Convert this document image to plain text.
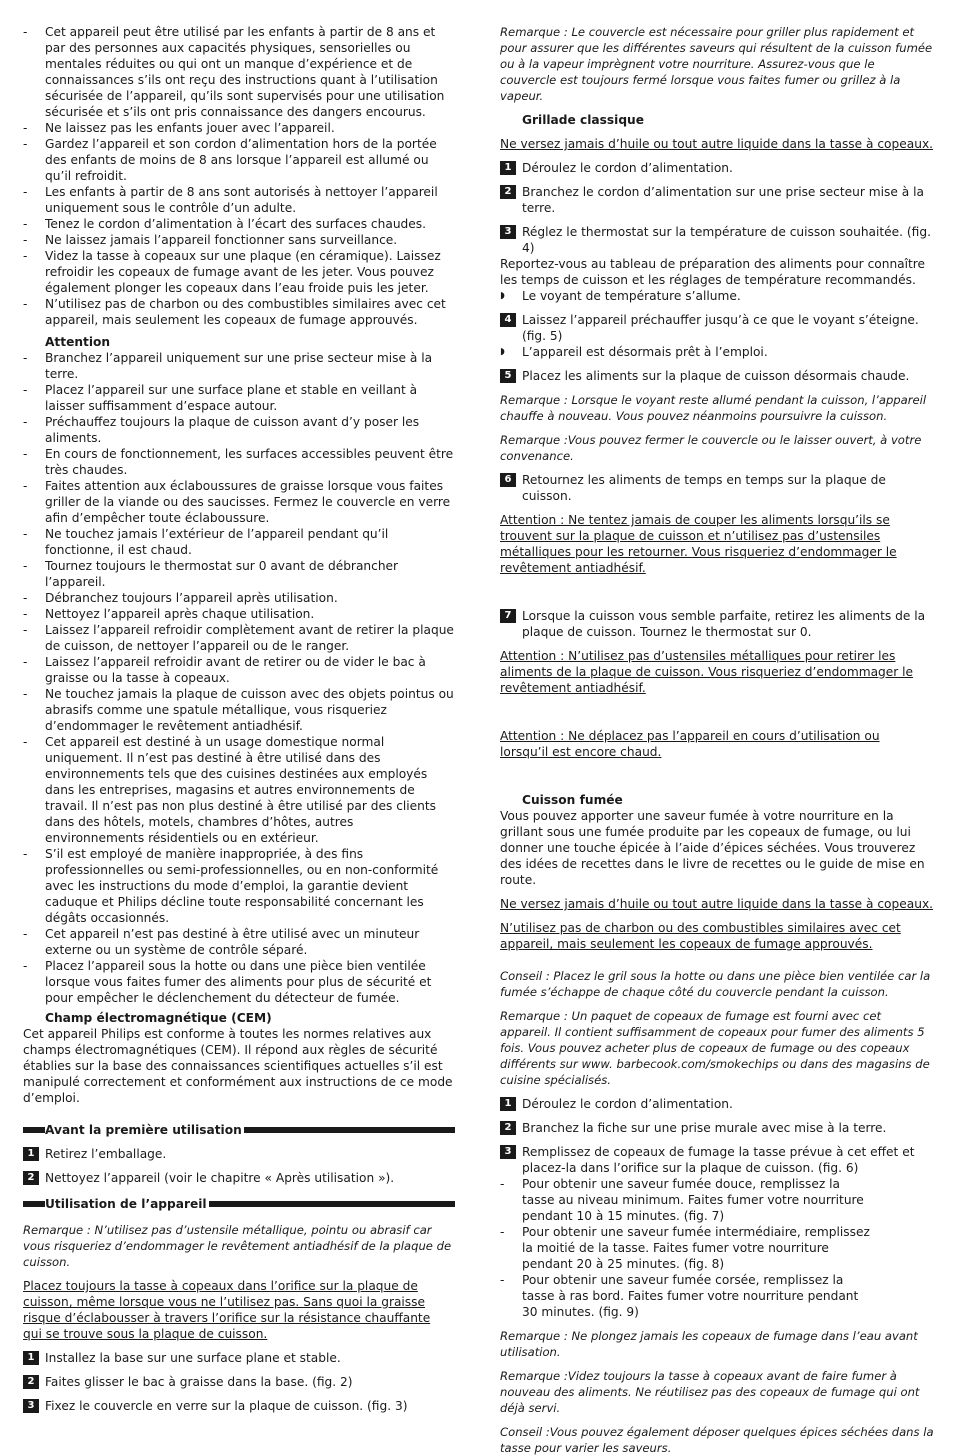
- Cet appareil peut être utilisé par les enfants à partir de 8 ans et par des personnes aux capacités physiques, sensorielles ou mentales réduites ou qui ont un manque d’expérience et de connaissances s’ils ont reçu des instructions quant à l’utilisation sécurisée de l’appareil, qu’ils sont supervisés pour une utilisation sécurisée et s’ils ont pris connaissance des dangers encourus.
- Ne laissez pas les enfants jouer avec l’appareil.
- Gardez l’appareil et son cordon d’alimentation hors de la portée des enfants de moins de 8 ans lorsque l’appareil est allumé ou qu’il refroidit.
- Les enfants à partir de 8 ans sont autorisés à nettoyer l’appareil uniquement sous le contrôle d’un adulte.
- Tenez le cordon d’alimentation à l’écart des surfaces chaudes.
- Ne laissez jamais l’appareil fonctionner sans surveillance.
- Videz la tasse à copeaux sur une plaque (en céramique). Laissez refroidir les copeaux de fumage avant de les jeter. Vous pouvez également plonger les copeaux dans l’eau froide puis les jeter.
- N’utilisez pas de charbon ou des combustibles similaires avec cet appareil, mais seulement les copeaux de fumage approuvés.

Attention

- Branchez l’appareil uniquement sur une prise secteur mise à la terre.
- Placez l’appareil sur une surface plane et stable en veillant à laisser suffisamment d’espace autour.
- Préchauffez toujours la plaque de cuisson avant d’y poser les aliments.
- En cours de fonctionnement, les surfaces accessibles peuvent être très chaudes.
- Faites attention aux éclaboussures de graisse lorsque vous faites griller de la viande ou des saucisses. Fermez le couvercle en verre afin d’empêcher toute éclaboussure.
- Ne touchez jamais l’extérieur de l’appareil pendant qu’il fonctionne, il est chaud.
- Tournez toujours le thermostat sur 0 avant de débrancher l’appareil.
- Débranchez toujours l’appareil après utilisation.
- Nettoyez l’appareil après chaque utilisation.
- Laissez l’appareil refroidir complètement avant de retirer la plaque de cuisson, de nettoyer l’appareil ou de le ranger.
- Laissez l’appareil refroidir avant de retirer ou de vider le bac à graisse ou la tasse à copeaux.
- Ne touchez jamais la plaque de cuisson avec des objets pointus ou abrasifs comme une spatule métallique, vous risqueriez d’endommager le revêtement antiadhésif.
- Cet appareil est destiné à un usage domestique normal uniquement. Il n’est pas destiné à être utilisé dans des environnements tels que des cuisines destinées aux employés dans les entreprises, magasins et autres environnements de travail. Il n’est pas non plus destiné à être utilisé par des clients dans des hôtels, motels, chambres d’hôtes, autres environnements résidentiels ou en extérieur.
- S’il est employé de manière inappropriée, à des fins professionnelles ou semi-professionnelles, ou en non-conformité avec les instructions du mode d’emploi, la garantie devient caduque et Philips décline toute responsabilité concernant les dégâts occasionnés.
- Cet appareil n’est pas destiné à être utilisé avec un minuteur externe ou un système de contrôle séparé.
- Placez l’appareil sous la hotte ou dans une pièce bien ventilée lorsque vous faites fumer des aliments pour plus de sécurité et pour empêcher le déclenchement du détecteur de fumée.

Champ électromagnétique (CEM)

Cet appareil Philips est conforme à toutes les normes relatives aux champs électromagnétiques (CEM). Il répond aux règles de sécurité établies sur la base des connaissances scientifiques actuelles s’il est manipulé correctement et conformément aux instructions de ce mode d’emploi.

Avant la première utilisation

1 Retirez l’emballage.

2 Nettoyez l’appareil (voir le chapitre « Après utilisation »).

Utilisation de l’appareil

Remarque : N’utilisez pas d’ustensile métallique, pointu ou abrasif car vous risqueriez d’endommager le revêtement antiadhésif de la plaque de cuisson.

Placez toujours la tasse à copeaux dans l’orifice sur la plaque de cuisson, même lorsque vous ne l’utilisez pas. Sans quoi la graisse risque d’éclabousser à travers l’orifice sur la résistance chauffante qui se trouve sous la plaque de cuisson.

1 Installez la base sur une surface plane et stable.

2 Faites glisser le bac à graisse dans la base. (fig. 2)

3 Fixez le couvercle en verre sur la plaque de cuisson. (fig. 3)

Remarque : Le couvercle est nécessaire pour griller plus rapidement et pour assurer que les différentes saveurs qui résultent de la cuisson fumée ou à la vapeur imprègnent votre nourriture. Assurez-vous que le couvercle est toujours fermé lorsque vous faites fumer ou grillez à la vapeur.

Grillade classique

Ne versez jamais d’huile ou tout autre liquide dans la tasse à copeaux.

1 Déroulez le cordon d’alimentation.

2 Branchez le cordon d’alimentation sur une prise secteur mise à la terre.

3 Réglez le thermostat sur la température de cuisson souhaitée. (fig. 4)

Reportez-vous au tableau de préparation des aliments pour connaître les temps de cuisson et les réglages de température recommandés.

◗ Le voyant de température s’allume.

4 Laissez l’appareil préchauffer jusqu’à ce que le voyant s’éteigne. (fig. 5)

◗ L’appareil est désormais prêt à l’emploi.

5 Placez les aliments sur la plaque de cuisson désormais chaude.

Remarque : Lorsque le voyant reste allumé pendant la cuisson, l’appareil chauffe à nouveau. Vous pouvez néanmoins poursuivre la cuisson.

Remarque :Vous pouvez fermer le couvercle ou le laisser ouvert, à votre convenance.

6 Retournez les aliments de temps en temps sur la plaque de cuisson.

Attention : Ne tentez jamais de couper les aliments lorsqu’ils se trouvent sur la plaque de cuisson et n’utilisez pas d’ustensiles métalliques pour les retourner. Vous risqueriez d’endommager le revêtement antiadhésif.

7 Lorsque la cuisson vous semble parfaite, retirez les aliments de la plaque de cuisson. Tournez le thermostat sur 0.

Attention : N’utilisez pas d’ustensiles métalliques pour retirer les aliments de la plaque de cuisson. Vous risqueriez d’endommager le revêtement antiadhésif.

Attention : Ne déplacez pas l’appareil en cours d’utilisation ou lorsqu’il est encore chaud.

Cuisson fumée

Vous pouvez apporter une saveur fumée à votre nourriture en la grillant sous une fumée produite par les copeaux de fumage, ou lui donner une touche épicée à l’aide d’épices séchées. Vous trouverez des idées de recettes dans le livre de recettes ou le guide de mise en route.

Ne versez jamais d’huile ou tout autre liquide dans la tasse à copeaux.

N’utilisez pas de charbon ou des combustibles similaires avec cet appareil, mais seulement les copeaux de fumage approuvés.

Conseil : Placez le gril sous la hotte ou dans une pièce bien ventilée car la fumée s’échappe de chaque côté du couvercle pendant la cuisson.

Remarque : Un paquet de copeaux de fumage est fourni avec cet appareil. Il contient suffisamment de copeaux pour fumer des aliments 5 fois. Vous pouvez acheter plus de copeaux de fumage ou des copeaux différents sur www. barbecook.com/smokechips ou dans des magasins de cuisine spécialisés.

1 Déroulez le cordon d’alimentation.

2 Branchez la fiche sur une prise murale avec mise à la terre.

3 Remplissez de copeaux de fumage la tasse prévue à cet effet et placez-la dans l’orifice sur la plaque de cuisson. (fig. 6)

- Pour obtenir une saveur fumée douce, remplissez la tasse au niveau minimum. Faites fumer votre nourriture pendant 10 à 15 minutes. (fig. 7)
- Pour obtenir une saveur fumée intermédiaire, remplissez la moitié de la tasse. Faites fumer votre nourriture pendant 20 à 25 minutes. (fig. 8)
- Pour obtenir une saveur fumée corsée, remplissez la tasse à ras bord. Faites fumer votre nourriture pendant 30 minutes. (fig. 9)

Remarque : Ne plongez jamais les copeaux de fumage dans l’eau avant utilisation.

Remarque :Videz toujours la tasse à copeaux avant de faire fumer à nouveau des aliments. Ne réutilisez pas des copeaux de fumage qui ont déjà servi.

Conseil :Vous pouvez également déposer quelques épices séchées dans la tasse pour varier les saveurs.
